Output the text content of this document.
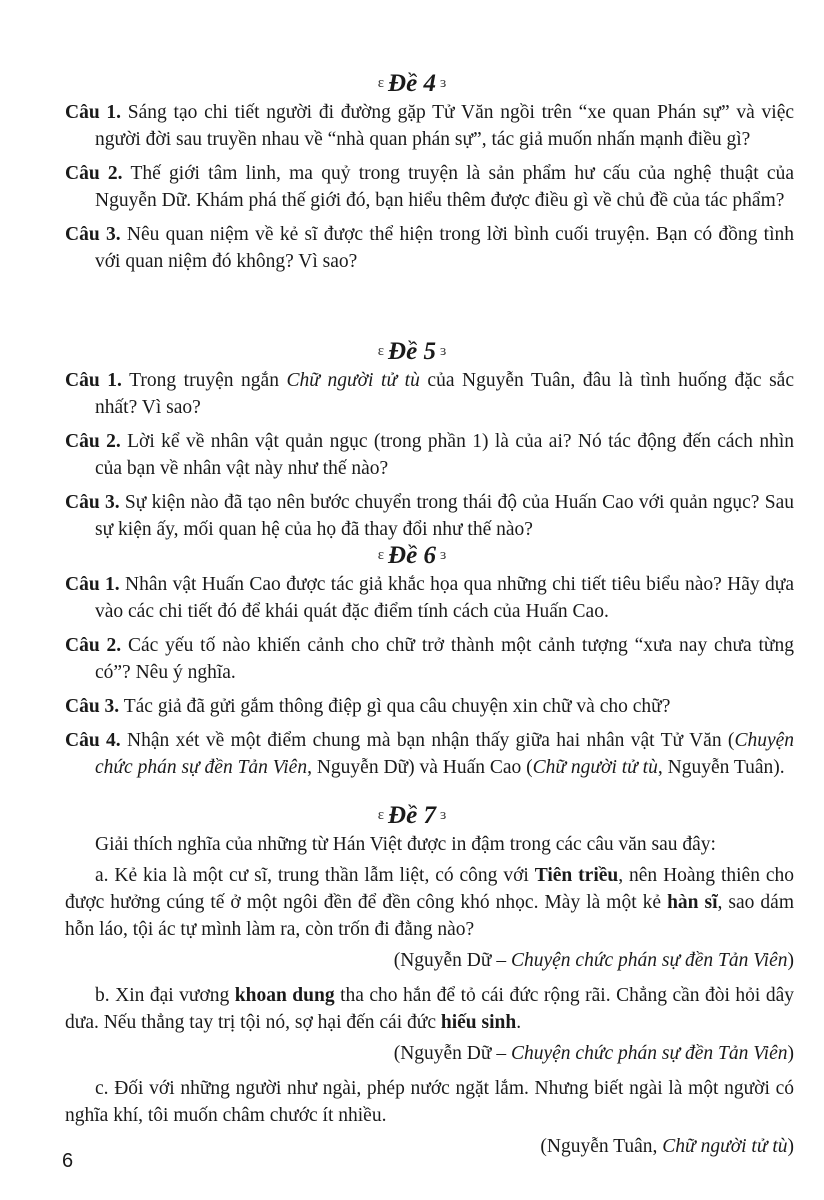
ɛ Đề 4 ɜ

Câu 1. Sáng tạo chi tiết người đi đường gặp Tử Văn ngồi trên “xe quan Phán sự” và việc người đời sau truyền nhau về “nhà quan phán sự”, tác giả muốn nhấn mạnh điều gì?

Câu 2. Thế giới tâm linh, ma quỷ trong truyện là sản phẩm hư cấu của nghệ thuật của Nguyễn Dữ. Khám phá thế giới đó, bạn hiểu thêm được điều gì về chủ đề của tác phẩm?

Câu 3. Nêu quan niệm về kẻ sĩ được thể hiện trong lời bình cuối truyện. Bạn có đồng tình với quan niệm đó không? Vì sao?

ɛ Đề 5 ɜ

Câu 1. Trong truyện ngắn Chữ người tử tù của Nguyễn Tuân, đâu là tình huống đặc sắc nhất? Vì sao?

Câu 2. Lời kể về nhân vật quản ngục (trong phần 1) là của ai? Nó tác động đến cách nhìn của bạn về nhân vật này như thế nào?

Câu 3. Sự kiện nào đã tạo nên bước chuyển trong thái độ của Huấn Cao với quản ngục? Sau sự kiện ấy, mối quan hệ của họ đã thay đổi như thế nào?

ɛ Đề 6 ɜ

Câu 1. Nhân vật Huấn Cao được tác giả khắc họa qua những chi tiết tiêu biểu nào? Hãy dựa vào các chi tiết đó để khái quát đặc điểm tính cách của Huấn Cao.

Câu 2. Các yếu tố nào khiến cảnh cho chữ trở thành một cảnh tượng “xưa nay chưa từng có”? Nêu ý nghĩa.

Câu 3. Tác giả đã gửi gắm thông điệp gì qua câu chuyện xin chữ và cho chữ?

Câu 4. Nhận xét về một điểm chung mà bạn nhận thấy giữa hai nhân vật Tử Văn (Chuyện chức phán sự đền Tản Viên, Nguyễn Dữ) và Huấn Cao (Chữ người tử tù, Nguyễn Tuân).

ɛ Đề 7 ɜ

Giải thích nghĩa của những từ Hán Việt được in đậm trong các câu văn sau đây:

a. Kẻ kia là một cư sĩ, trung thần lẫm liệt, có công với Tiên triều, nên Hoàng thiên cho được hưởng cúng tế ở một ngôi đền để đền công khó nhọc. Mày là một kẻ hàn sĩ, sao dám hỗn láo, tội ác tự mình làm ra, còn trốn đi đằng nào?

(Nguyễn Dữ – Chuyện chức phán sự đền Tản Viên)

b. Xin đại vương khoan dung tha cho hắn để tỏ cái đức rộng rãi. Chẳng cần đòi hỏi dây dưa. Nếu thẳng tay trị tội nó, sợ hại đến cái đức hiếu sinh.

(Nguyễn Dữ – Chuyện chức phán sự đền Tản Viên)

c. Đối với những người như ngài, phép nước ngặt lắm. Nhưng biết ngài là một người có nghĩa khí, tôi muốn châm chước ít nhiều.

(Nguyễn Tuân, Chữ người tử tù)

6
